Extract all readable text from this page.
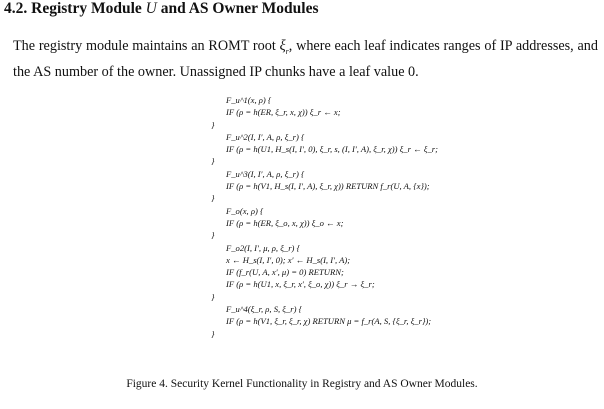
4.2. Registry Module U and AS Owner Modules
The registry module maintains an ROMT root $\xi_r$, where each leaf indicates ranges of IP addresses, and the AS number of the owner. Unassigned IP chunks have a leaf value 0.
F_u^1(x, ρ) {
IF (ρ = h(ER, ξ_r, x, χ)) ξ_r ← x;
}
F_u^2(I, I′, A, ρ, ξ_r) {
IF (ρ = h(U1, H_s(I, I′, 0), ξ_r, s, (I, I′, A), ξ_r, χ)) ξ_r ← ξ_r;
}
F_u^3(I, I′, A, ρ, ξ_r) {
IF (ρ = h(V1, H_s(I, I′, A), ξ_r, χ)) RETURN f_r(U, A, {x});
}
F_o(x, ρ) {
IF (ρ = h(ER, ξ_o, x, χ)) ξ_o ← x;
}
F_o2(I, I′, μ, ρ, ξ_r) {
x ← H_s(I, I′, 0); x′ ← H_s(I, I′, A);
IF (f_r(U, A, x′, μ) = 0) RETURN;
IF (ρ = h(U1, x, ξ_r, x′, ξ_o, χ)) ξ_r → ξ_r;
}
F_u^4(ξ_r, ρ, S, ξ_r) {
IF (ρ = h(V1, ξ_r, ξ_r, χ) RETURN μ = f_r(A, S, {ξ_r, ξ_r});
}
Figure 4. Security Kernel Functionality in Registry and AS Owner Modules.
